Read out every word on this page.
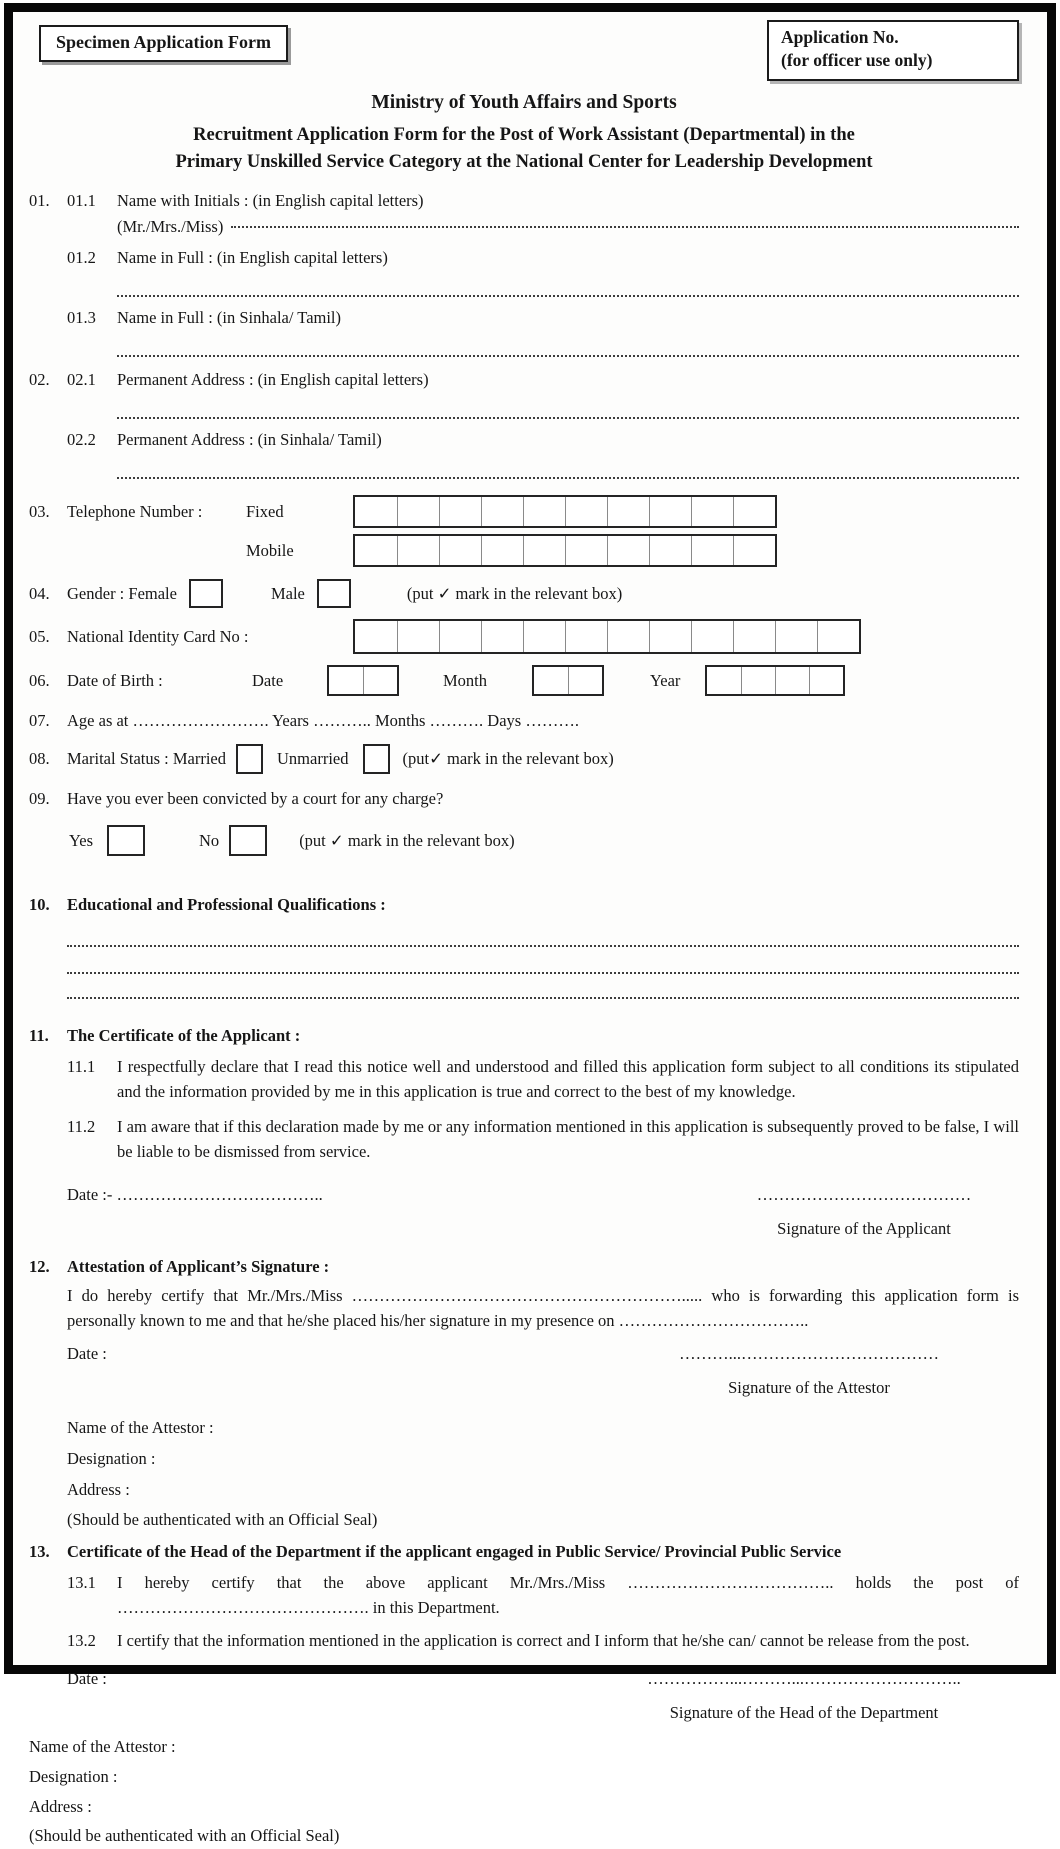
Specimen Application Form	Application No.
(for officer use only)
Ministry of Youth Affairs and Sports
Recruitment Application Form for the Post of Work Assistant (Departmental) in the
Primary Unskilled Service Category at the National Center for Leadership Development
01.	01.1	Name with Initials : (in English capital letters)
(Mr./Mrs./Miss)
01.2	Name in Full : (in English capital letters)
01.3	Name in Full : (in Sinhala/ Tamil)
02.	02.1	Permanent Address : (in English capital letters)
02.2	Permanent Address : (in Sinhala/ Tamil)
03.	Telephone Number :	Fixed
Mobile
04.	Gender : Female	Male	(put ✓ mark in the relevant box)
05.	National Identity Card No :
06.	Date of Birth :	Date	Month	Year
07.	Age as at ……………………. Years ……….. Months ………. Days ……….
08.	Marital Status : Married	Unmarried	(put✓ mark in the relevant box)
09.	Have you ever been convicted by a court for any charge?
Yes	No	(put ✓ mark in the relevant box)
10.	Educational and Professional Qualifications :
11.	The Certificate of the Applicant :
11.1	I respectfully declare that I read this notice well and understood and filled this application form subject to all conditions its stipulated and the information provided by me in this application is true and correct to the best of my knowledge.
11.2	I am aware that if this declaration made by me or any information mentioned in this application is subsequently proved to be false, I will be liable to be dismissed from service.
Date :- ………………………………..	…………………………………
Signature of the Applicant
12.	Attestation of Applicant’s Signature :
I do hereby certify that Mr./Mrs./Miss ……………………………………………………..... who is forwarding this application form is personally known to me and that he/she placed his/her signature in my presence on ……………………………..
Date :	………...………………………………
Signature of the Attestor
Name of the Attestor :
Designation :
Address :
(Should be authenticated with an Official Seal)
13.	Certificate of the Head of the Department if the applicant engaged in Public Service/ Provincial Public Service
13.1	I hereby certify that the above applicant Mr./Mrs./Miss ……………………………….. holds the post of ………………………………………. in this Department.
13.2	I certify that the information mentioned in the application is correct and I inform that he/she can/ cannot be release from the post.
Date :	……………...………...………………………..
Signature of the Head of the Department
Name of the Attestor :
Designation :
Address :
(Should be authenticated with an Official Seal)
